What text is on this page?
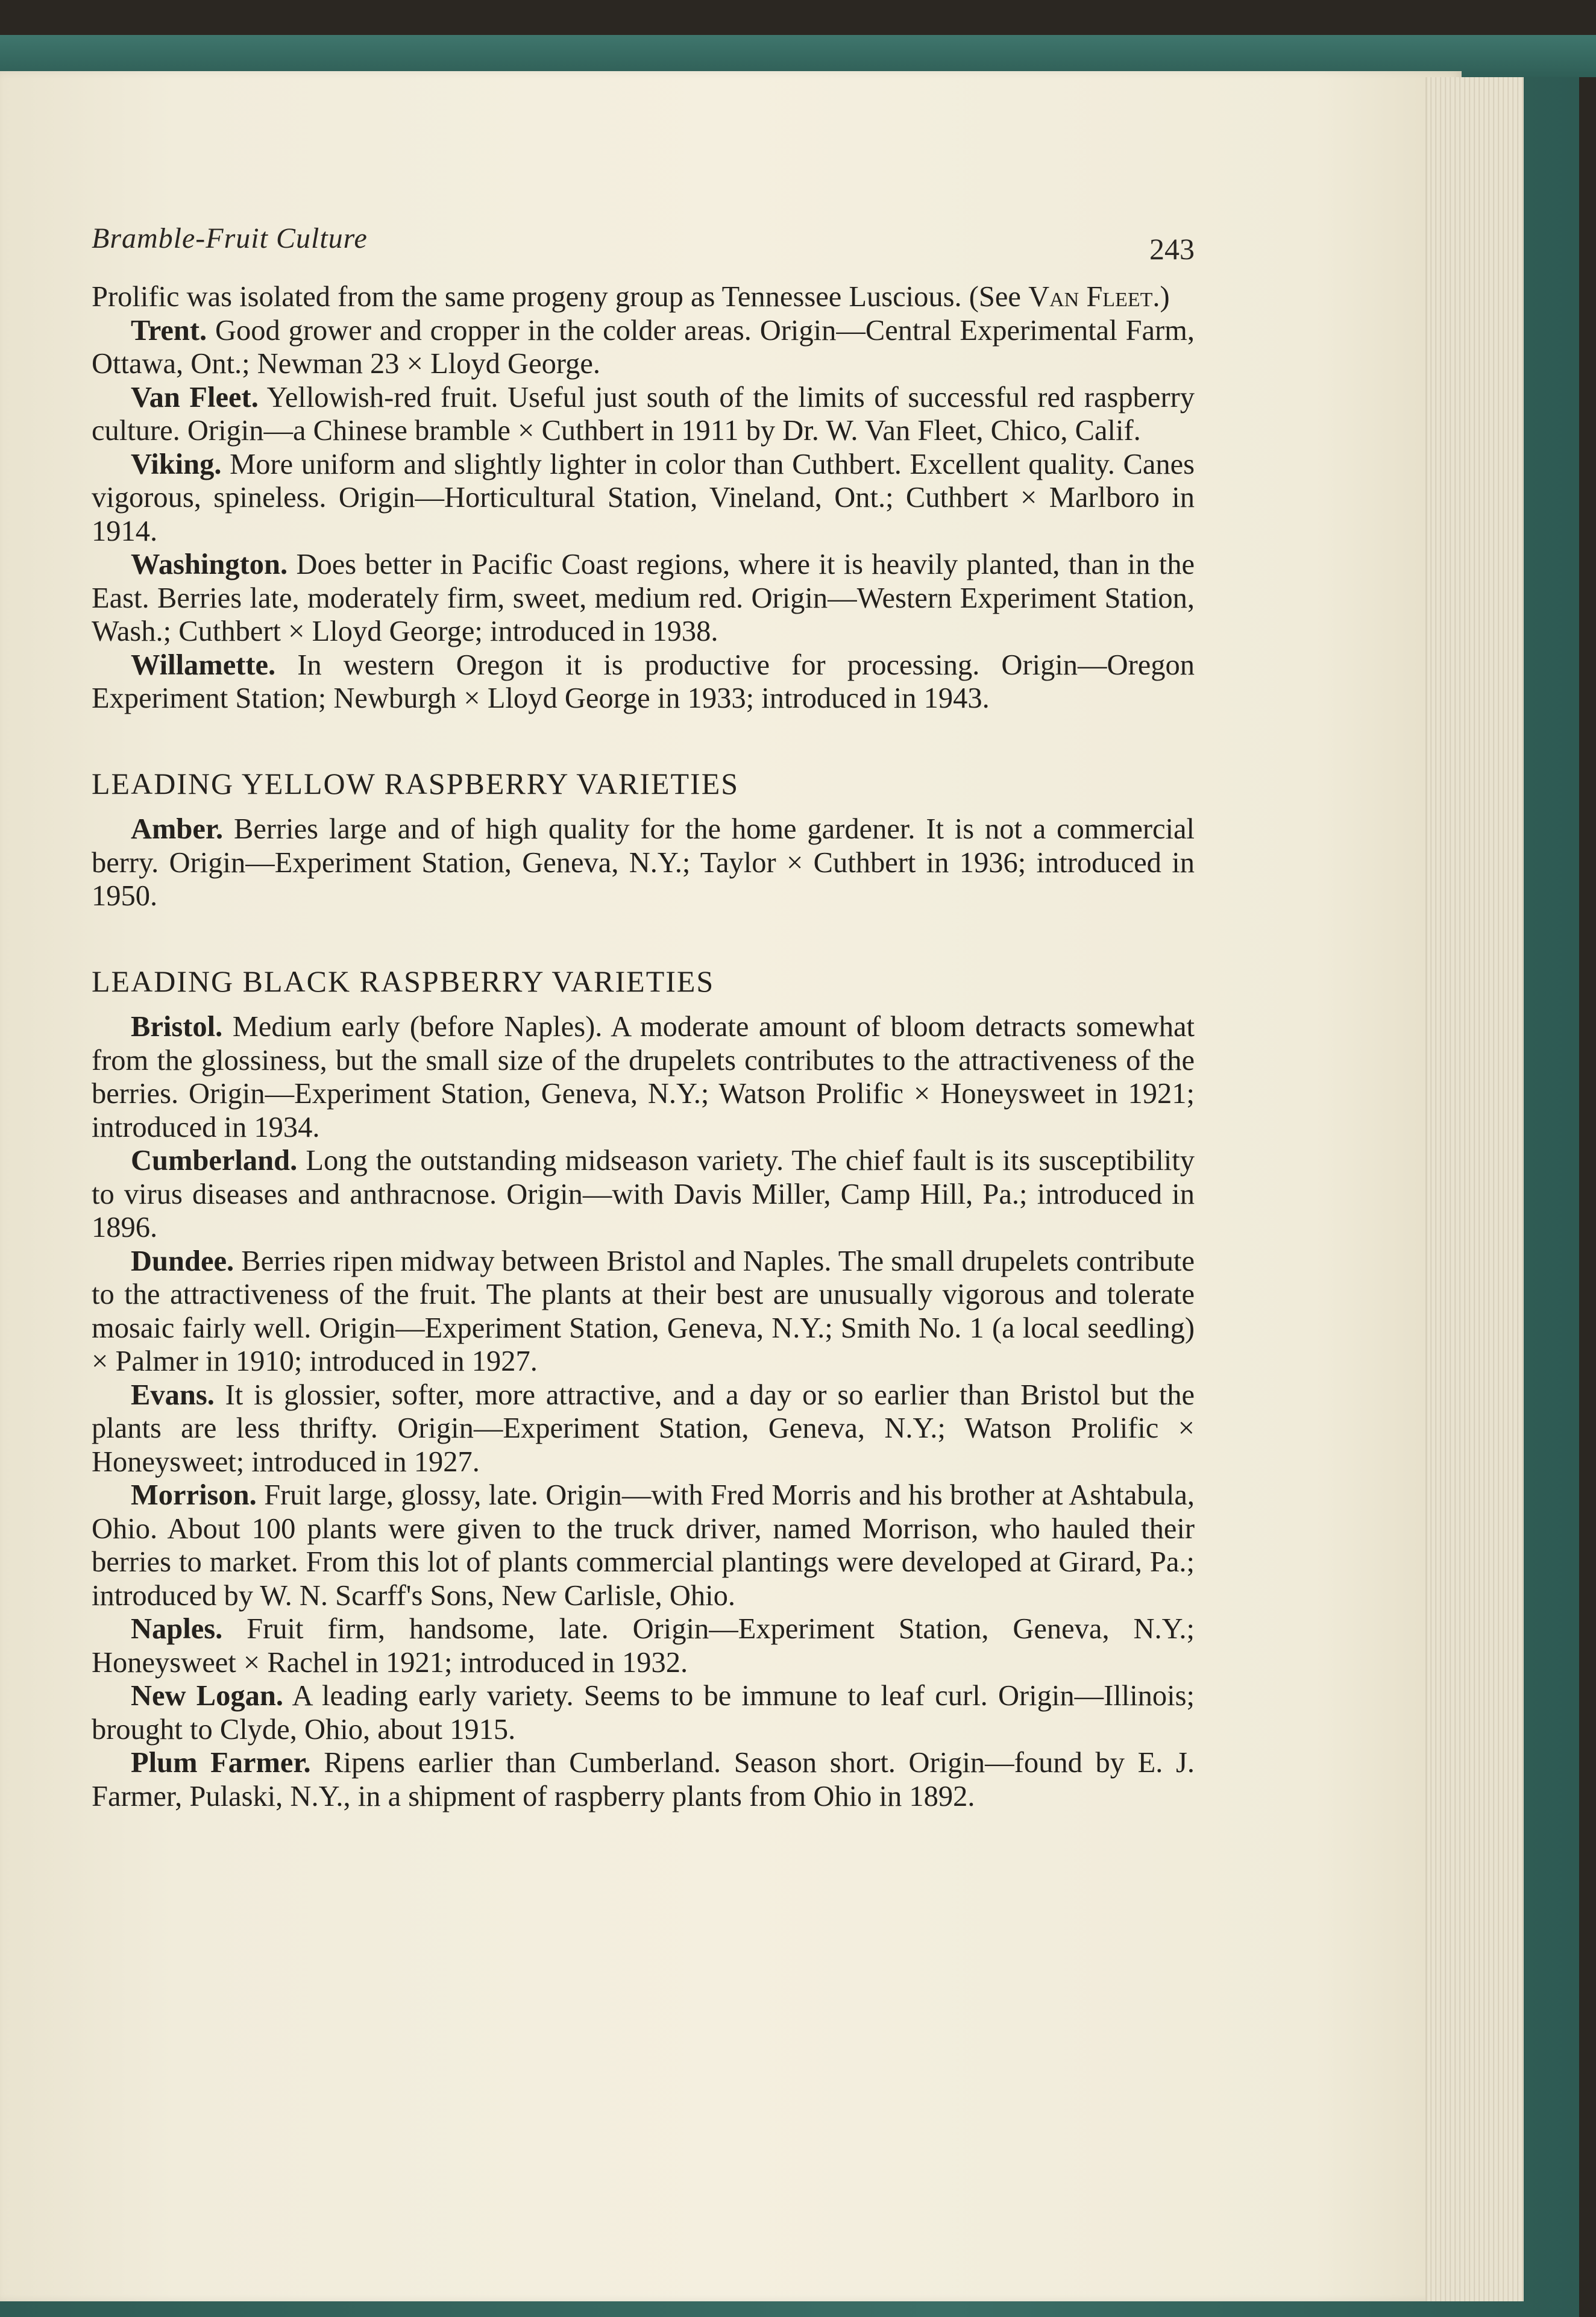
Bramble-Fruit Culture	243

Prolific was isolated from the same progeny group as Tennessee Luscious. (See Van Fleet.)

Trent. Good grower and cropper in the colder areas. Origin—Central Experimental Farm, Ottawa, Ont.; Newman 23 × Lloyd George.

Van Fleet. Yellowish-red fruit. Useful just south of the limits of successful red raspberry culture. Origin—a Chinese bramble × Cuthbert in 1911 by Dr. W. Van Fleet, Chico, Calif.

Viking. More uniform and slightly lighter in color than Cuthbert. Excellent quality. Canes vigorous, spineless. Origin—Horticultural Station, Vineland, Ont.; Cuthbert × Marlboro in 1914.

Washington. Does better in Pacific Coast regions, where it is heavily planted, than in the East. Berries late, moderately firm, sweet, medium red. Origin—Western Experiment Station, Wash.; Cuthbert × Lloyd George; introduced in 1938.

Willamette. In western Oregon it is productive for processing. Origin—Oregon Experiment Station; Newburgh × Lloyd George in 1933; introduced in 1943.

LEADING YELLOW RASPBERRY VARIETIES

Amber. Berries large and of high quality for the home gardener. It is not a commercial berry. Origin—Experiment Station, Geneva, N.Y.; Taylor × Cuthbert in 1936; introduced in 1950.

LEADING BLACK RASPBERRY VARIETIES

Bristol. Medium early (before Naples). A moderate amount of bloom detracts somewhat from the glossiness, but the small size of the drupelets contributes to the attractiveness of the berries. Origin—Experiment Station, Geneva, N.Y.; Watson Prolific × Honeysweet in 1921; introduced in 1934.

Cumberland. Long the outstanding midseason variety. The chief fault is its susceptibility to virus diseases and anthracnose. Origin—with Davis Miller, Camp Hill, Pa.; introduced in 1896.

Dundee. Berries ripen midway between Bristol and Naples. The small drupelets contribute to the attractiveness of the fruit. The plants at their best are unusually vigorous and tolerate mosaic fairly well. Origin—Experiment Station, Geneva, N.Y.; Smith No. 1 (a local seedling) × Palmer in 1910; introduced in 1927.

Evans. It is glossier, softer, more attractive, and a day or so earlier than Bristol but the plants are less thrifty. Origin—Experiment Station, Geneva, N.Y.; Watson Prolific × Honeysweet; introduced in 1927.

Morrison. Fruit large, glossy, late. Origin—with Fred Morris and his brother at Ashtabula, Ohio. About 100 plants were given to the truck driver, named Morrison, who hauled their berries to market. From this lot of plants commercial plantings were developed at Girard, Pa.; introduced by W. N. Scarff's Sons, New Carlisle, Ohio.

Naples. Fruit firm, handsome, late. Origin—Experiment Station, Geneva, N.Y.; Honeysweet × Rachel in 1921; introduced in 1932.

New Logan. A leading early variety. Seems to be immune to leaf curl. Origin—Illinois; brought to Clyde, Ohio, about 1915.

Plum Farmer. Ripens earlier than Cumberland. Season short. Origin—found by E. J. Farmer, Pulaski, N.Y., in a shipment of raspberry plants from Ohio in 1892.
